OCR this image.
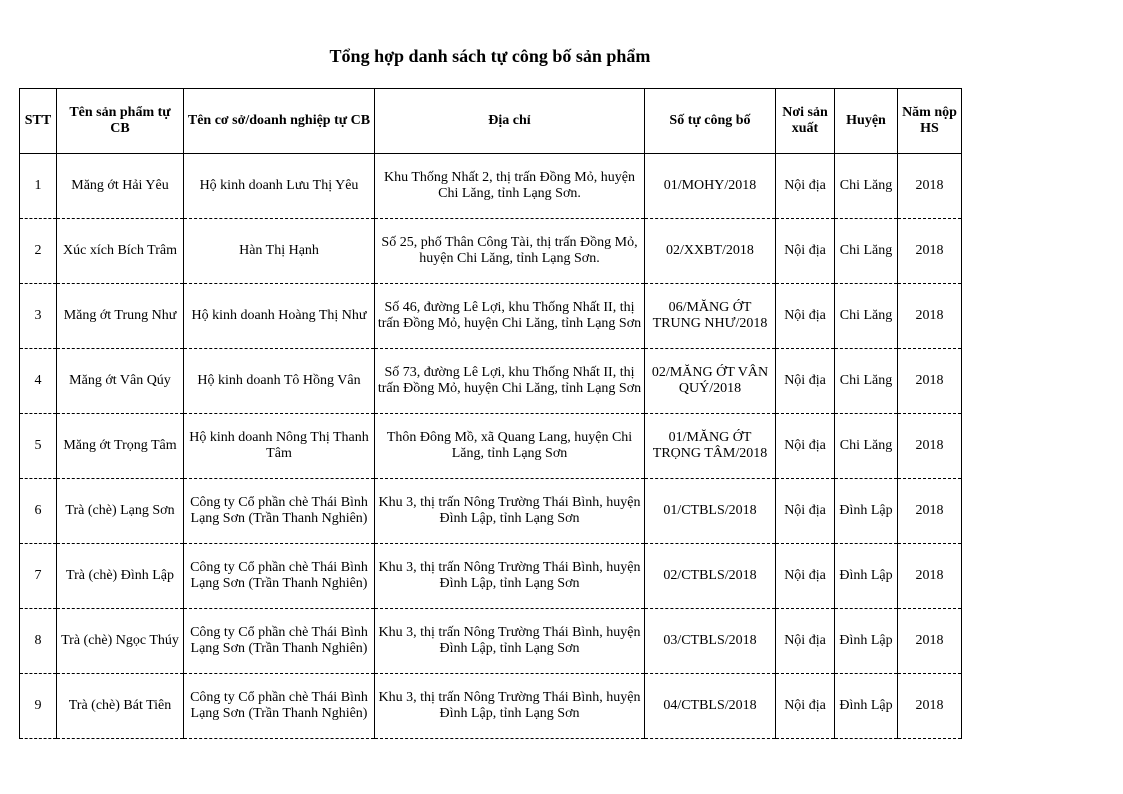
Tổng hợp danh sách tự công bố sản phẩm
STT	Tên sản phẩm tự CB	Tên cơ sở/doanh nghiệp tự CB	Địa chỉ	Số tự công bố	Nơi sản xuất	Huyện	Năm nộp HS
1	Măng ớt Hải Yêu	Hộ kinh doanh Lưu Thị Yêu	Khu Thống Nhất 2, thị trấn Đồng Mỏ, huyện Chi Lăng, tỉnh Lạng Sơn.	01/MOHY/2018	Nội địa	Chi Lăng	2018
2	Xúc xích Bích Trâm	Hàn Thị Hạnh	Số 25, phố Thân Công Tài, thị trấn Đồng Mỏ, huyện Chi Lăng, tỉnh Lạng Sơn.	02/XXBT/2018	Nội địa	Chi Lăng	2018
3	Măng ớt Trung Như	Hộ kinh doanh Hoàng Thị Như	Số 46, đường Lê Lợi, khu Thống Nhất II, thị trấn Đồng Mỏ, huyện Chi Lăng, tỉnh Lạng Sơn	06/MĂNG ỚT TRUNG NHƯ/2018	Nội địa	Chi Lăng	2018
4	Măng ớt Vân Qúy	Hộ kinh doanh Tô Hồng Vân	Số 73, đường Lê Lợi, khu Thống Nhất II, thị trấn Đồng Mỏ, huyện Chi Lăng, tỉnh Lạng Sơn	02/MĂNG ỚT VÂN QUÝ/2018	Nội địa	Chi Lăng	2018
5	Măng ớt Trọng Tâm	Hộ kinh doanh Nông Thị Thanh Tâm	Thôn Đông Mồ, xã Quang Lang, huyện Chi Lăng, tỉnh Lạng Sơn	01/MĂNG ỚT TRỌNG TÂM/2018	Nội địa	Chi Lăng	2018
6	Trà (chè) Lạng Sơn	Công ty Cổ phần chè Thái Bình Lạng Sơn (Trần Thanh Nghiên)	Khu 3, thị trấn Nông Trường Thái Bình, huyện Đình Lập, tỉnh Lạng Sơn	01/CTBLS/2018	Nội địa	Đình Lập	2018
7	Trà (chè) Đình Lập	Công ty Cổ phần chè Thái Bình Lạng Sơn (Trần Thanh Nghiên)	Khu 3, thị trấn Nông Trường Thái Bình, huyện Đình Lập, tỉnh Lạng Sơn	02/CTBLS/2018	Nội địa	Đình Lập	2018
8	Trà (chè) Ngọc Thúy	Công ty Cổ phần chè Thái Bình Lạng Sơn (Trần Thanh Nghiên)	Khu 3, thị trấn Nông Trường Thái Bình, huyện Đình Lập, tỉnh Lạng Sơn	03/CTBLS/2018	Nội địa	Đình Lập	2018
9	Trà (chè) Bát Tiên	Công ty Cổ phần chè Thái Bình Lạng Sơn (Trần Thanh Nghiên)	Khu 3, thị trấn Nông Trường Thái Bình, huyện Đình Lập, tỉnh Lạng Sơn	04/CTBLS/2018	Nội địa	Đình Lập	2018
